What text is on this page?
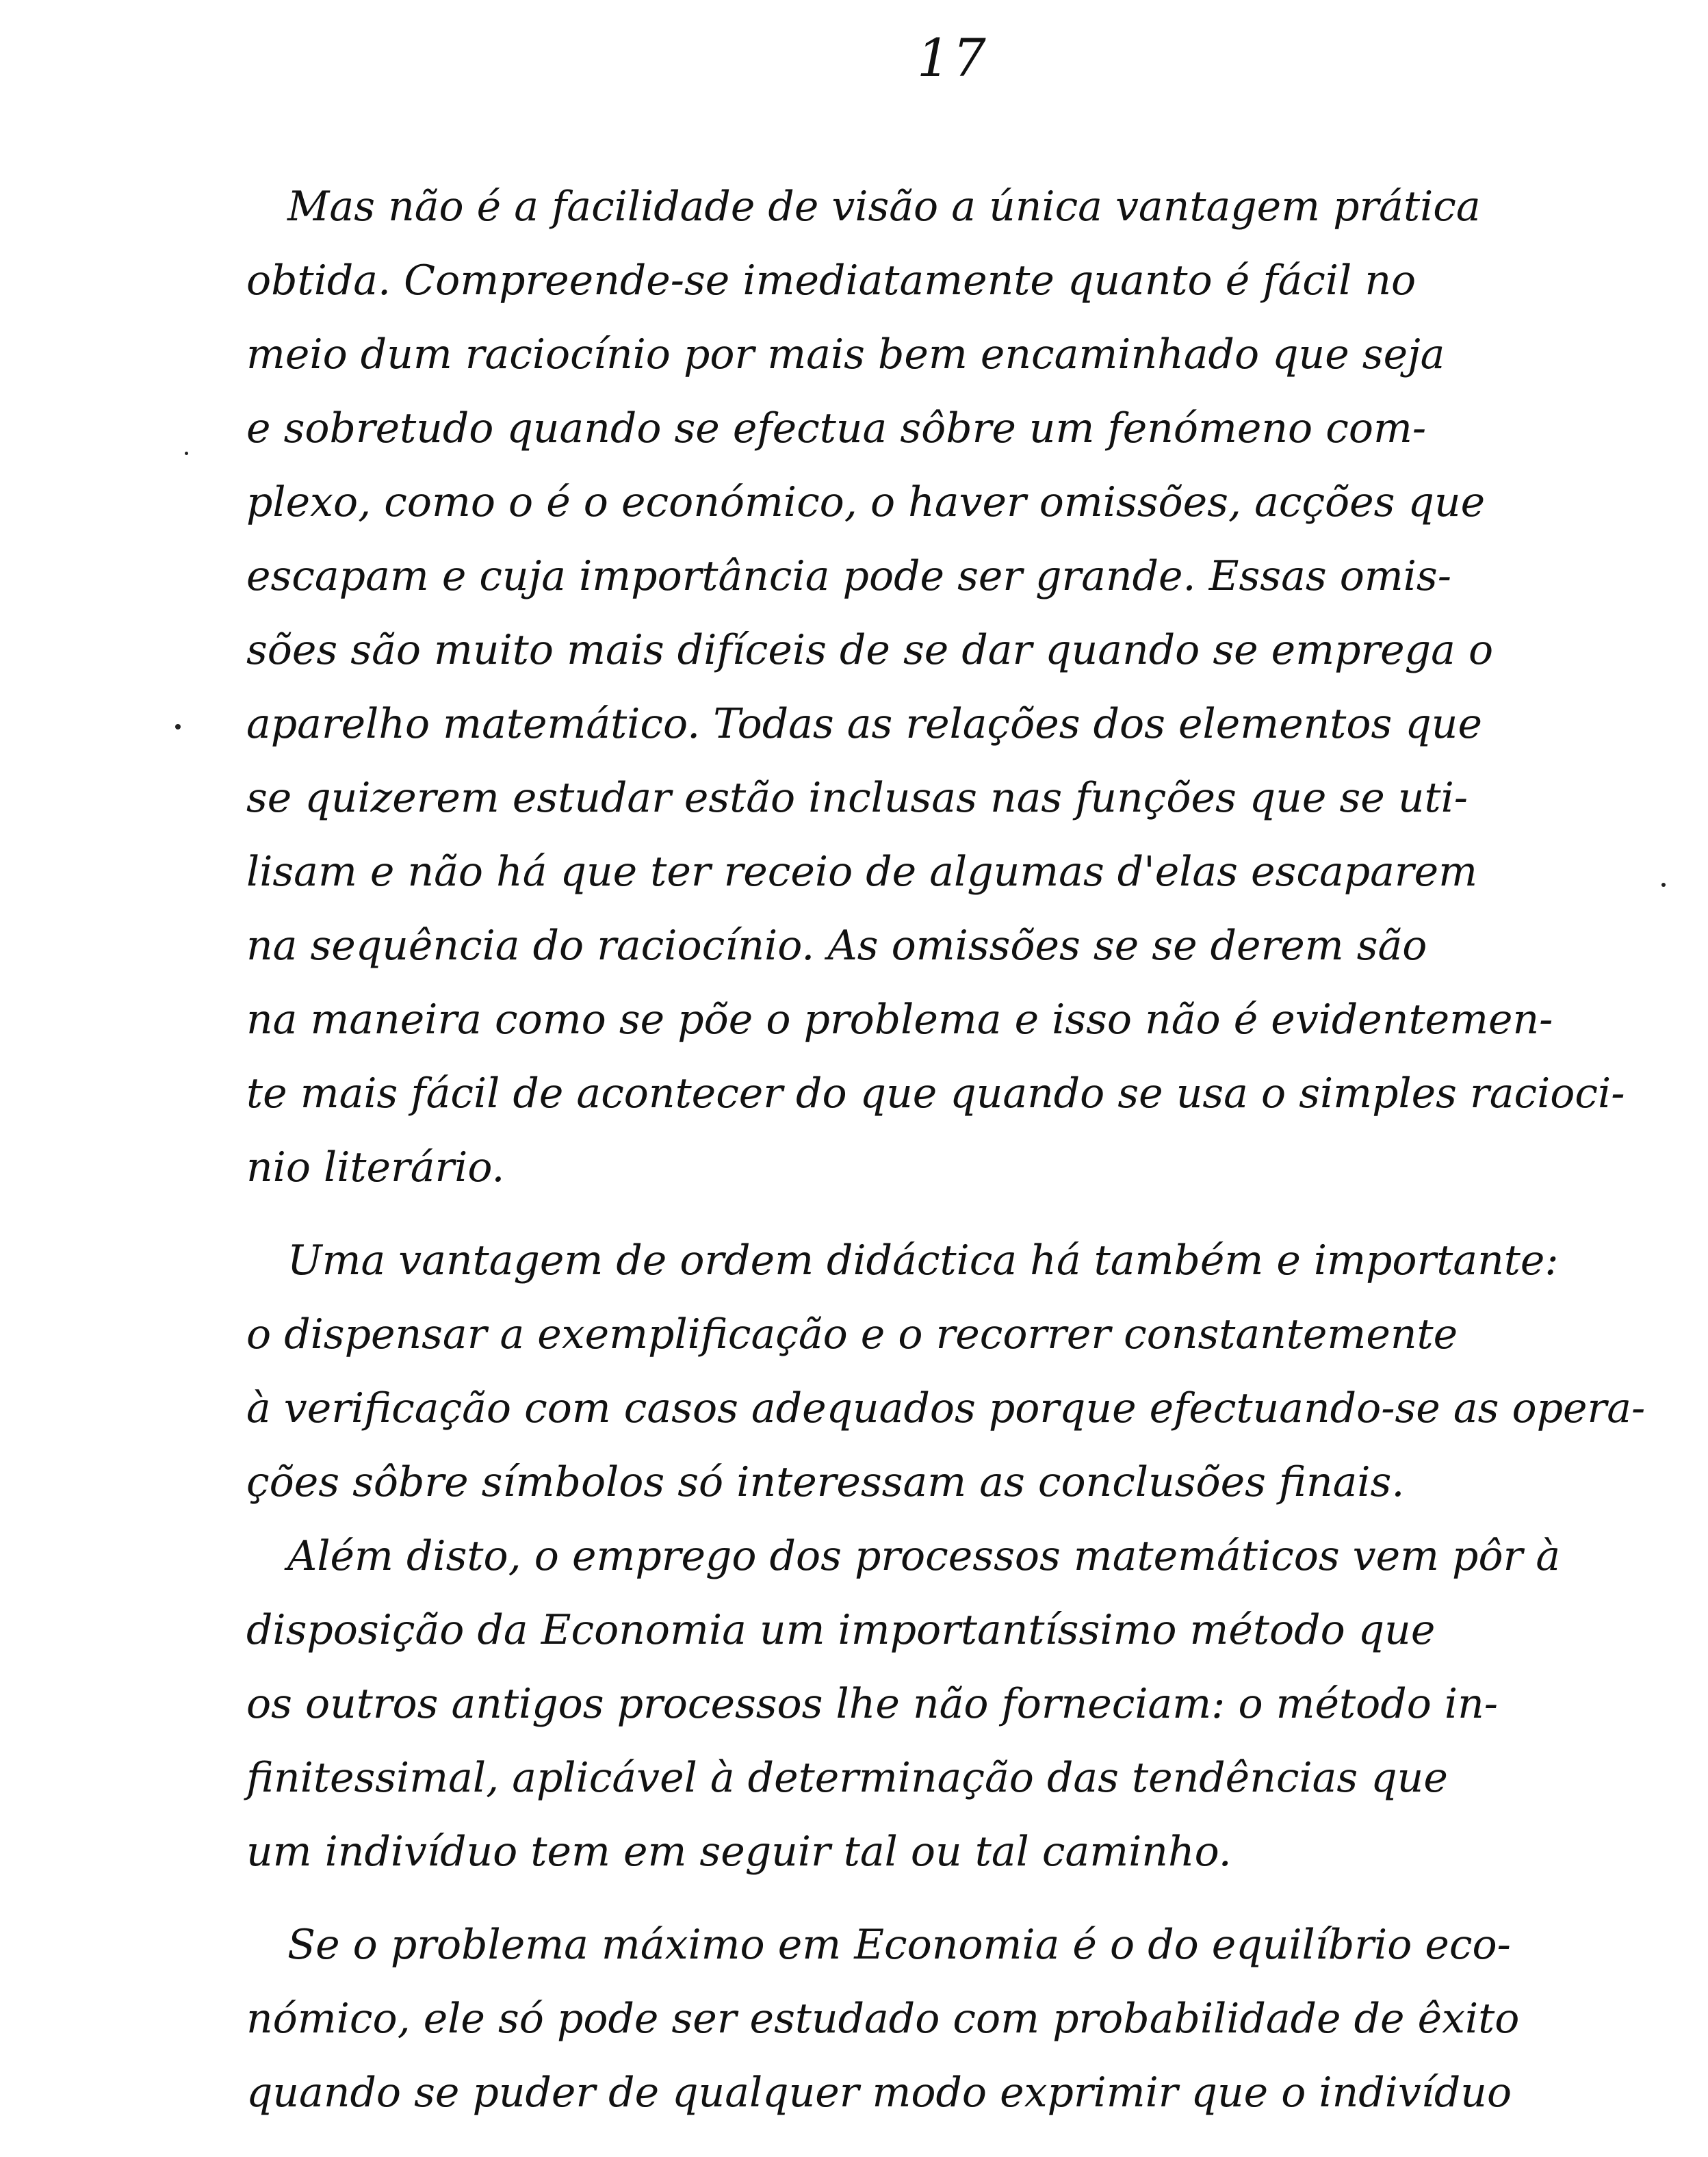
17
Mas não é a facilidade de visão a única vantagem prática
obtida. Compreende-se imediatamente quanto é fácil no
meio dum raciocínio por mais bem encaminhado que seja
e sobretudo quando se efectua sôbre um fenómeno com-
plexo, como o é o económico, o haver omissões, acções que
escapam e cuja importância pode ser grande. Essas omis-
sões são muito mais difíceis de se dar quando se emprega o
aparelho matemático. Todas as relações dos elementos que
se quizerem estudar estão inclusas nas funções que se uti-
lisam e não há que ter receio de algumas d'elas escaparem
na sequência do raciocínio. As omissões se se derem são
na maneira como se põe o problema e isso não é evidentemen-
te mais fácil de acontecer do que quando se usa o simples racioci-
nio literário.
Uma vantagem de ordem didáctica há também e importante:
o dispensar a exemplificação e o recorrer constantemente
à verificação com casos adequados porque efectuando-se as opera-
ções sôbre símbolos só interessam as conclusões finais.
Além disto, o emprego dos processos matemáticos vem pôr à
disposição da Economia um importantíssimo método que
os outros antigos processos lhe não forneciam: o método in-
finitessimal, aplicável à determinação das tendências que
um indivíduo tem em seguir tal ou tal caminho.
Se o problema máximo em Economia é o do equilíbrio eco-
nómico, ele só pode ser estudado com probabilidade de êxito
quando se puder de qualquer modo exprimir que o indivíduo
